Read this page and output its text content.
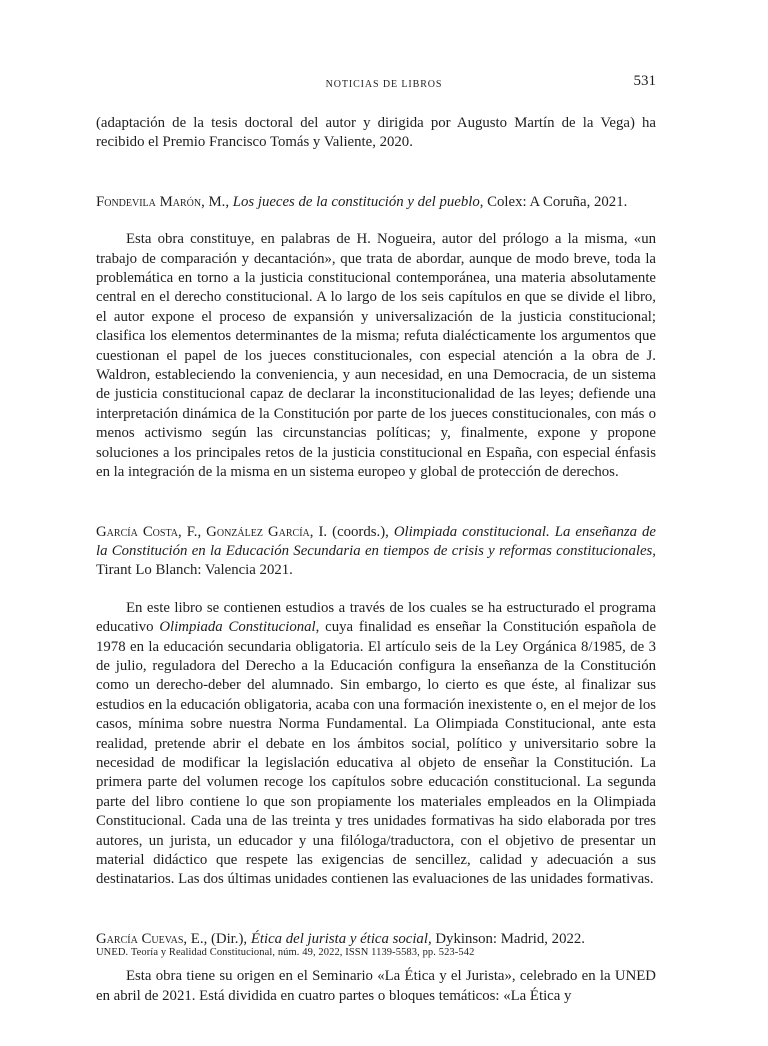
NOTICIAS DE LIBROS	531

(adaptación de la tesis doctoral del autor y dirigida por Augusto Martín de la Vega) ha recibido el Premio Francisco Tomás y Valiente, 2020.

Fondevila Marón, M., Los jueces de la constitución y del pueblo, Colex: A Coruña, 2021.

Esta obra constituye, en palabras de H. Nogueira, autor del prólogo a la misma, «un trabajo de comparación y decantación», que trata de abordar, aunque de modo breve, toda la problemática en torno a la justicia constitucional contemporánea, una materia absolutamente central en el derecho constitucional. A lo largo de los seis capítulos en que se divide el libro, el autor expone el proceso de expansión y universalización de la justicia constitucional; clasifica los elementos determinantes de la misma; refuta dialécticamente los argumentos que cuestionan el papel de los jueces constitucionales, con especial atención a la obra de J. Waldron, estableciendo la conveniencia, y aun necesidad, en una Democracia, de un sistema de justicia constitucional capaz de declarar la inconstitucionalidad de las leyes; defiende una interpretación dinámica de la Constitución por parte de los jueces constitucionales, con más o menos activismo según las circunstancias políticas; y, finalmente, expone y propone soluciones a los principales retos de la justicia constitucional en España, con especial énfasis en la integración de la misma en un sistema europeo y global de protección de derechos.

García Costa, F., González García, I. (coords.), Olimpiada constitucional. La enseñanza de la Constitución en la Educación Secundaria en tiempos de crisis y reformas constitucionales, Tirant Lo Blanch: Valencia 2021.

En este libro se contienen estudios a través de los cuales se ha estructurado el programa educativo Olimpiada Constitucional, cuya finalidad es enseñar la Constitución española de 1978 en la educación secundaria obligatoria. El artículo seis de la Ley Orgánica 8/1985, de 3 de julio, reguladora del Derecho a la Educación configura la enseñanza de la Constitución como un derecho-deber del alumnado. Sin embargo, lo cierto es que éste, al finalizar sus estudios en la educación obligatoria, acaba con una formación inexistente o, en el mejor de los casos, mínima sobre nuestra Norma Fundamental. La Olimpiada Constitucional, ante esta realidad, pretende abrir el debate en los ámbitos social, político y universitario sobre la necesidad de modificar la legislación educativa al objeto de enseñar la Constitución. La primera parte del volumen recoge los capítulos sobre educación constitucional. La segunda parte del libro contiene lo que son propiamente los materiales empleados en la Olimpiada Constitucional. Cada una de las treinta y tres unidades formativas ha sido elaborada por tres autores, un jurista, un educador y una filóloga/traductora, con el objetivo de presentar un material didáctico que respete las exigencias de sencillez, calidad y adecuación a sus destinatarios. Las dos últimas unidades contienen las evaluaciones de las unidades formativas.

García Cuevas, E., (Dir.), Ética del jurista y ética social, Dykinson: Madrid, 2022.

Esta obra tiene su origen en el Seminario «La Ética y el Jurista», celebrado en la UNED en abril de 2021. Está dividida en cuatro partes o bloques temáticos: «La Ética y

UNED. Teoría y Realidad Constitucional, núm. 49, 2022, ISSN 1139-5583, pp. 523-542
